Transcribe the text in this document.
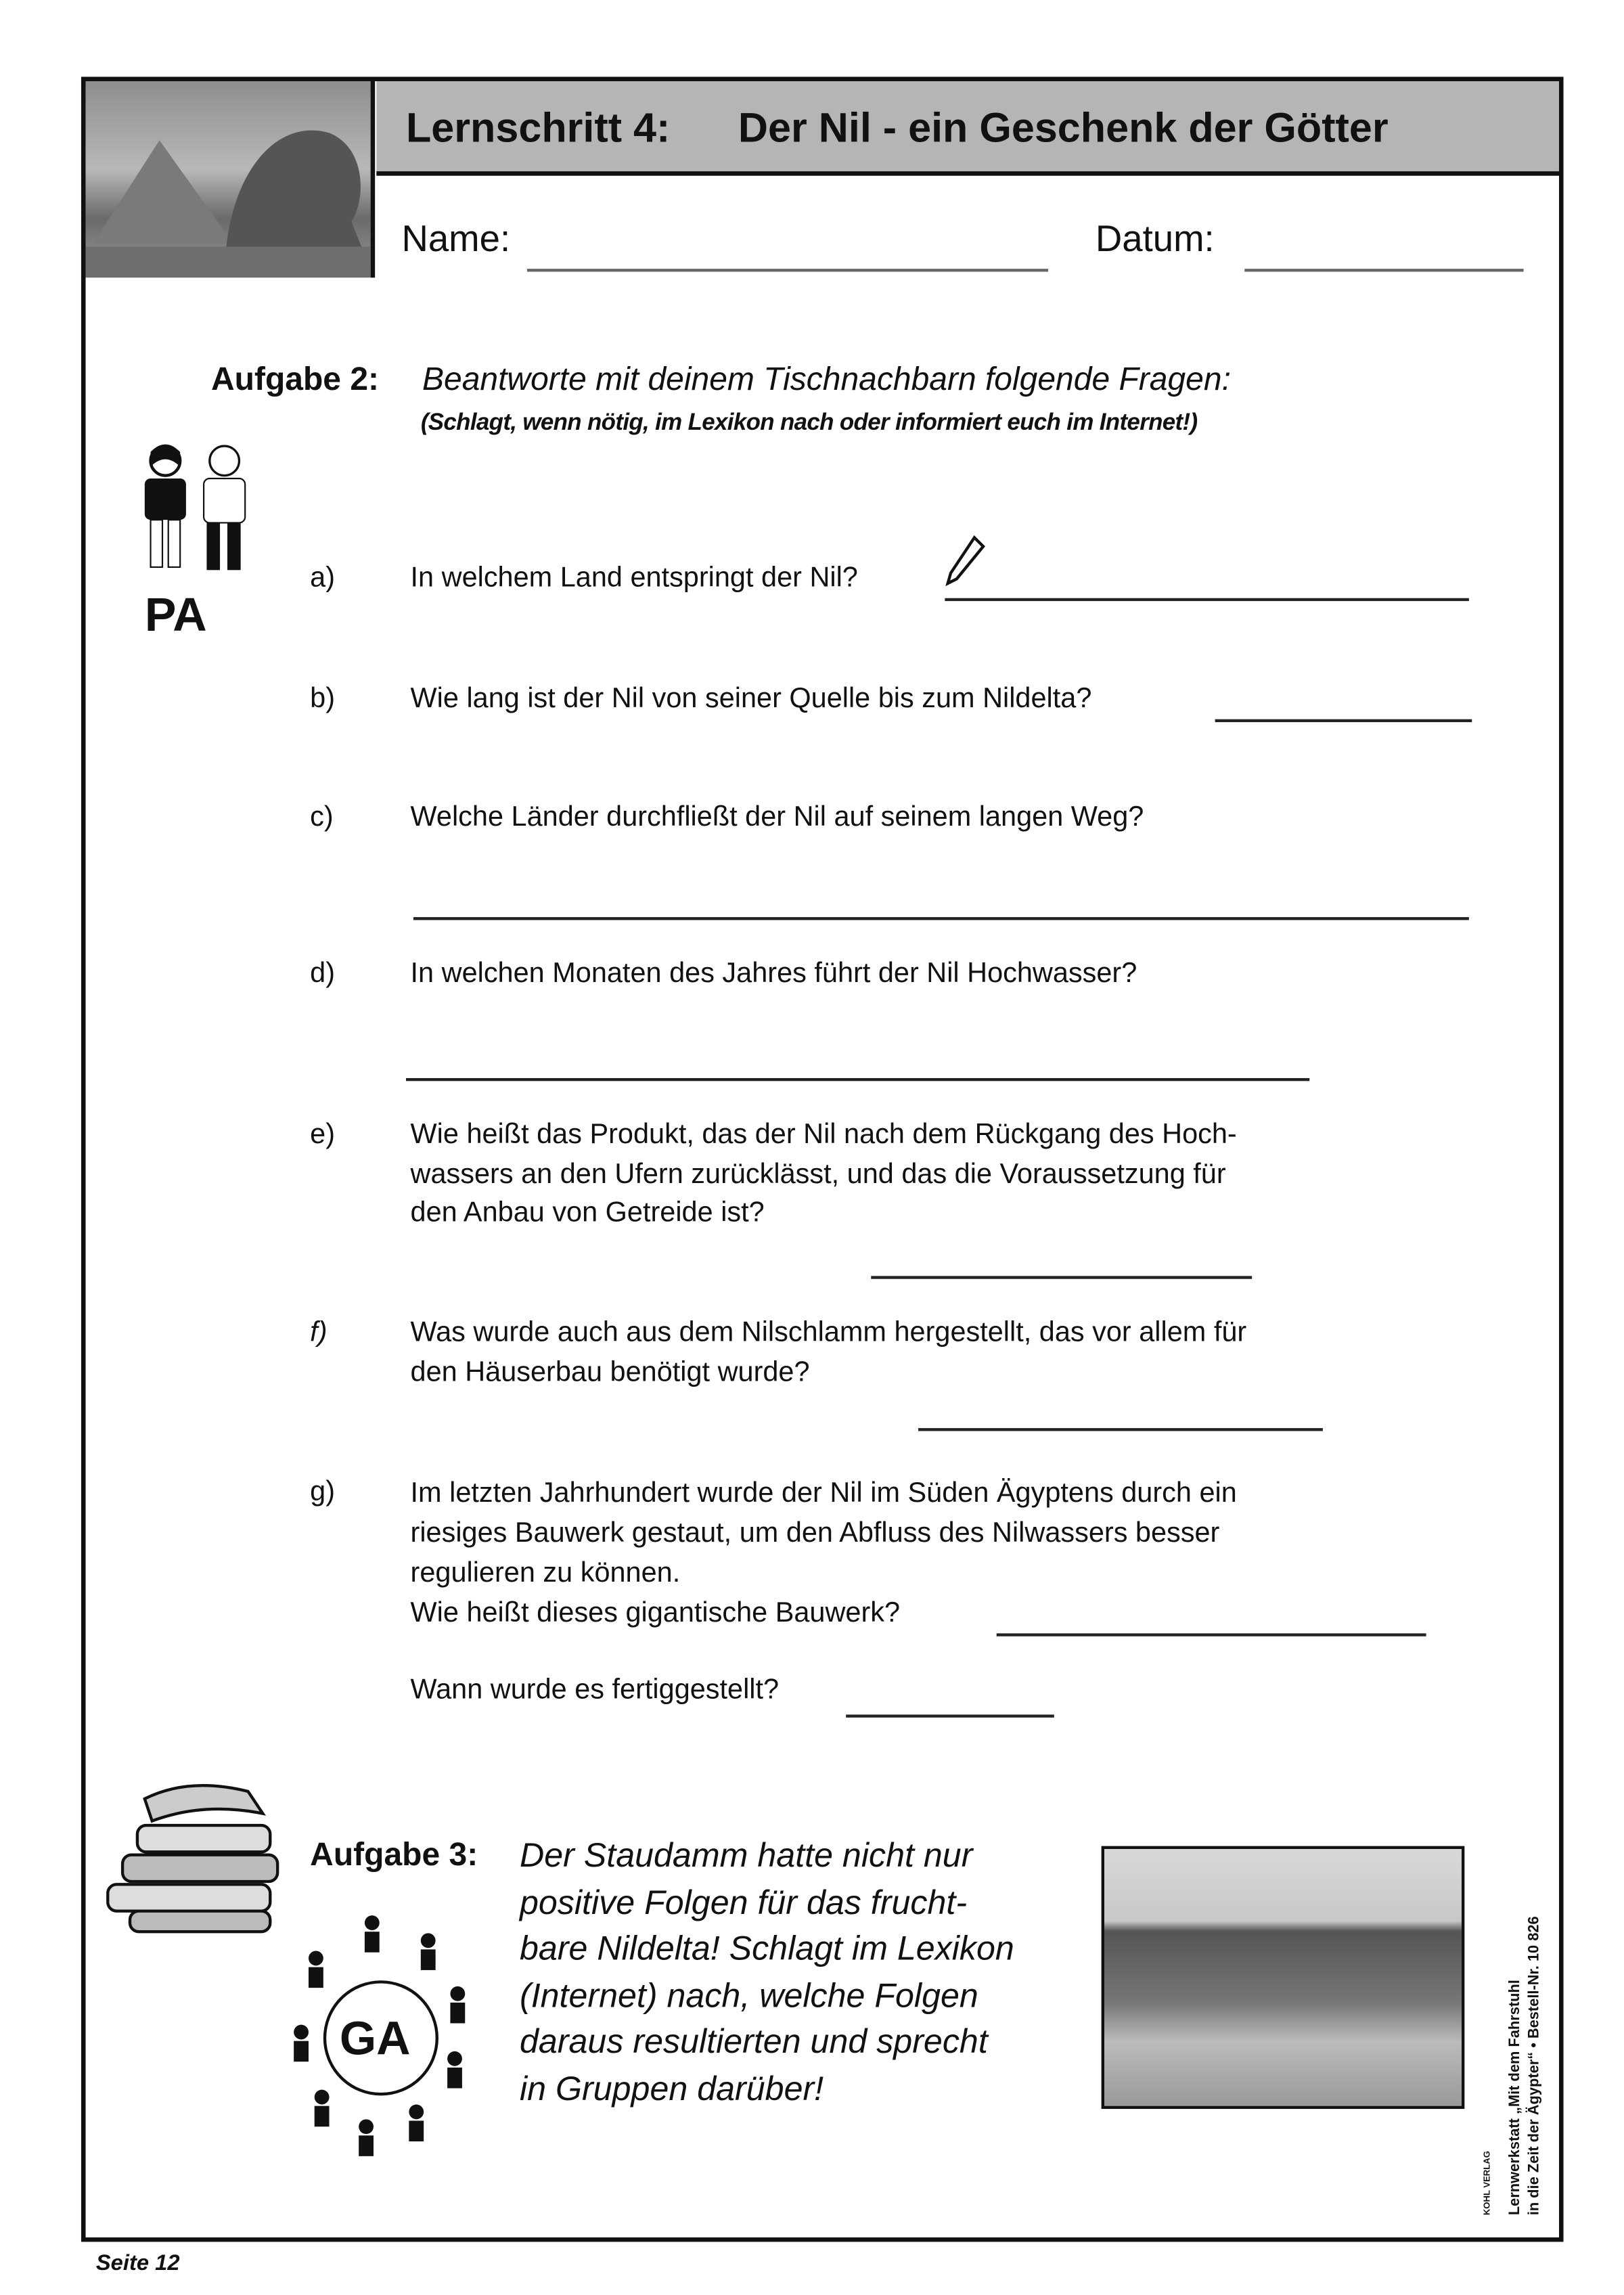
Lernschritt 4:	Der Nil - ein Geschenk der Götter
Name:	Datum:
Aufgabe 2:	Beantworte mit deinem Tischnachbarn folgende Fragen:
(Schlagt, wenn nötig, im Lexikon nach oder informiert euch im Internet!)
PA
a)	In welchem Land entspringt der Nil?
b)	Wie lang ist der Nil von seiner Quelle bis zum Nildelta?
c)	Welche Länder durchfließt der Nil auf seinem langen Weg?
d)	In welchen Monaten des Jahres führt der Nil Hochwasser?
e)	Wie heißt das Produkt, das der Nil nach dem Rückgang des Hoch-
wassers an den Ufern zurücklässt, und das die Voraussetzung für
den Anbau von Getreide ist?
f)	Was wurde auch aus dem Nilschlamm hergestellt, das vor allem für
den Häuserbau benötigt wurde?
g)	Im letzten Jahrhundert wurde der Nil im Süden Ägyptens durch ein
riesiges Bauwerk gestaut, um den Abfluss des Nilwassers besser
regulieren zu können.
Wie heißt dieses gigantische Bauwerk?
Wann wurde es fertiggestellt?
Aufgabe 3:	Der Staudamm hatte nicht nur
positive Folgen für das frucht-
bare Nildelta! Schlagt im Lexikon
(Internet) nach, welche Folgen
daraus resultierten und sprecht
in Gruppen darüber!
GA	Lernwerkstatt „Mit dem Fahrstuhl in die Zeit der Ägypter“ • Bestell-Nr. 10 826
KOHL VERLAG
Seite 12
